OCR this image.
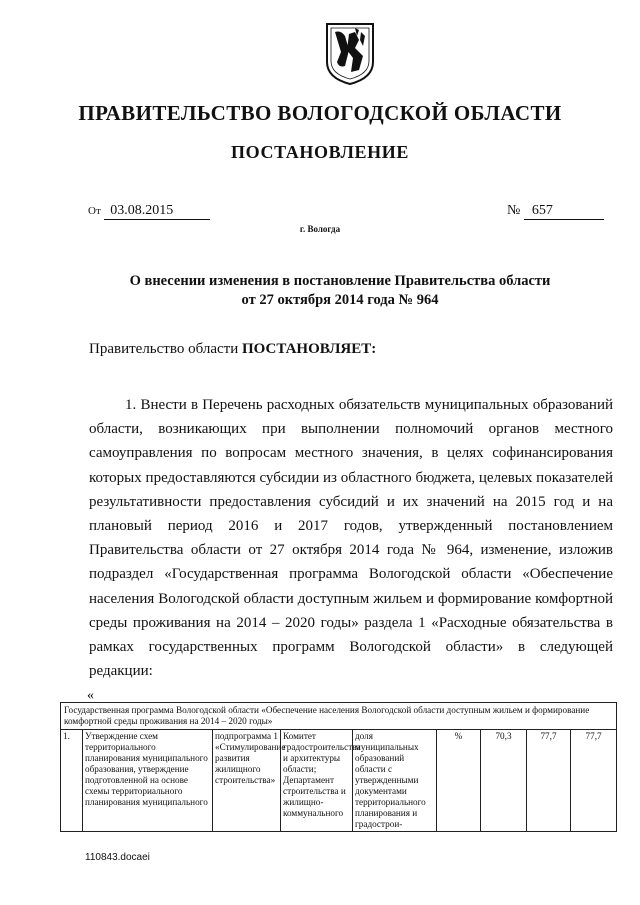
ПРАВИТЕЛЬСТВО ВОЛОГОДСКОЙ ОБЛАСТИ
ПОСТАНОВЛЕНИЕ
От 03.08.2015	№ 657
г. Вологда
О внесении изменения в постановление Правительства области
от 27 октября 2014 года № 964
Правительство области ПОСТАНОВЛЯЕТ:
1. Внести в Перечень расходных обязательств муниципальных образований области, возникающих при выполнении полномочий органов местного самоуправления по вопросам местного значения, в целях софинансирования которых предоставляются субсидии из областного бюджета, целевых показателей результативности предоставления субсидий и их значений на 2015 год и на плановый период 2016 и 2017 годов, утвержденный постановлением Правительства области от 27 октября 2014 года № 964, изменение, изложив подраздел «Государственная программа Вологодской области «Обеспечение населения Вологодской области доступным жильем и формирование комфортной среды проживания на 2014 – 2020 годы» раздела 1 «Расходные обязательства в рамках государственных программ Вологодской области» в следующей редакции:
«
Государственная программа Вологодской области «Обеспечение населения Вологодской области доступным жильем и формирование комфортной среды проживания на 2014 – 2020 годы»
1.	Утверждение схем территориального планирования муниципального образования, утверждение подготовленной на основе схемы территориального планирования муниципального	подпрограмма 1 «Стимулирование развития жилищного строительства»	Комитет градостроительства и архитектуры области; Департамент строительства и жилищно-коммунального	доля муниципальных образований области с утвержденными документами территориального планирования и градострои-	%	70,3	77,7	77,7
110843.docaei
